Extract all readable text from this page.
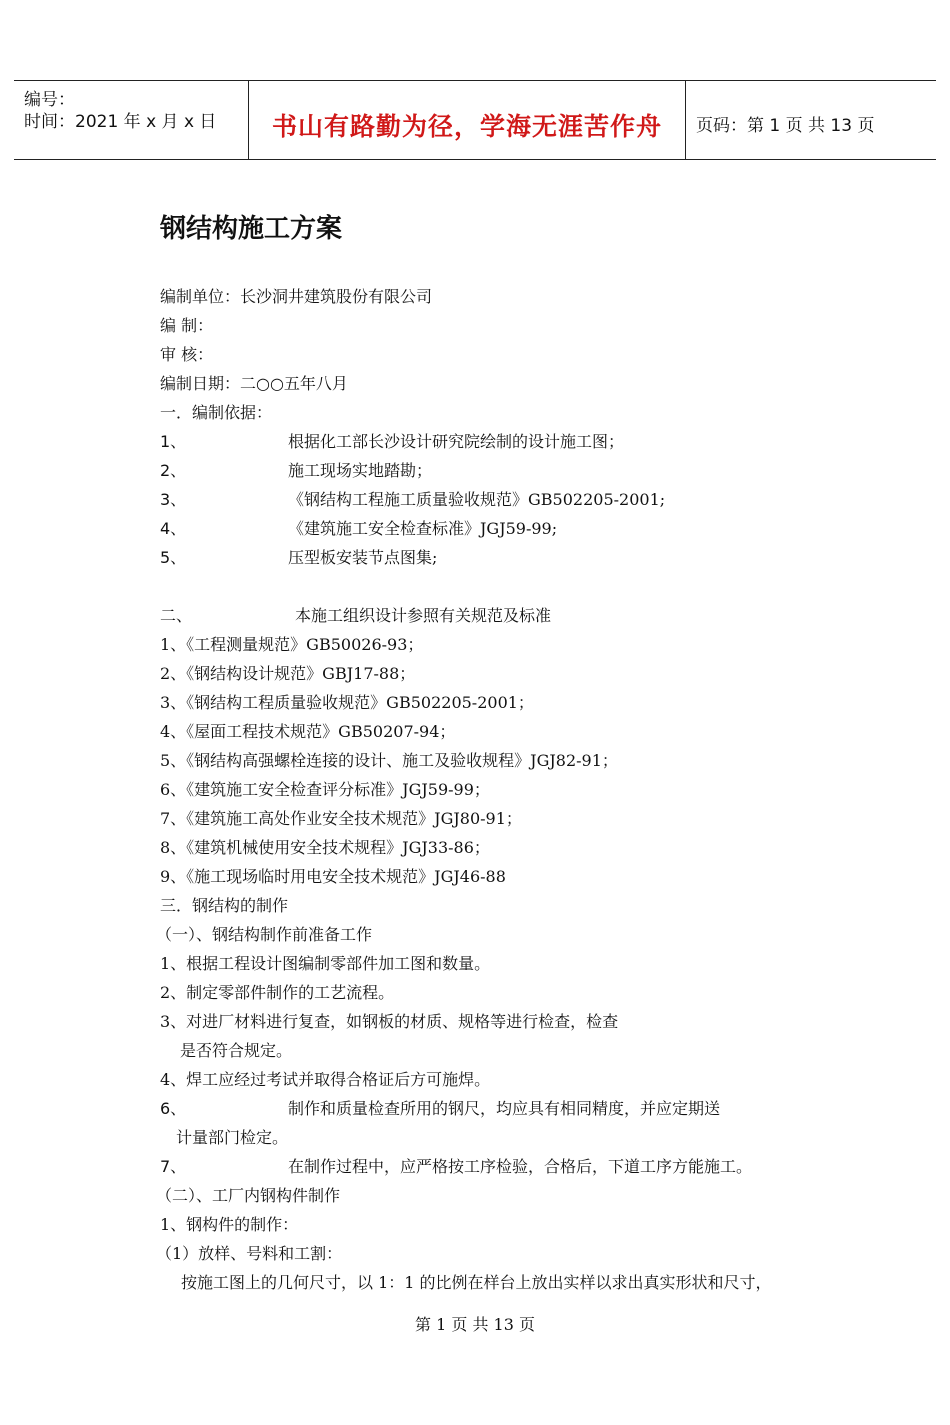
编号：
时间：2021 年 x 月 x 日	书山有路勤为径，学海无涯苦作舟	页码：第 1 页 共 13 页
钢结构施工方案
编制单位：长沙洞井建筑股份有限公司
编 制：
审 核：
编制日期：二○○五年八月
一．编制依据：
1、	根据化工部长沙设计研究院绘制的设计施工图；
2、	施工现场实地踏勘；
3、	《钢结构工程施工质量验收规范》GB502205-2001;
4、	《建筑施工安全检查标准》JGJ59-99;
5、	压型板安装节点图集;
二、	本施工组织设计参照有关规范及标准
1、《工程测量规范》GB50026-93；
2、《钢结构设计规范》GBJ17-88；
3、《钢结构工程质量验收规范》GB502205-2001；
4、《屋面工程技术规范》GB50207-94；
5、《钢结构高强螺栓连接的设计、施工及验收规程》JGJ82-91；
6、《建筑施工安全检查评分标准》JGJ59-99；
7、《建筑施工高处作业安全技术规范》JGJ80-91；
8、《建筑机械使用安全技术规程》JGJ33-86；
9、《施工现场临时用电安全技术规范》JGJ46-88
三．钢结构的制作
（一）、钢结构制作前准备工作
1、根据工程设计图编制零部件加工图和数量。
2、制定零部件制作的工艺流程。
3、对进厂材料进行复查，如钢板的材质、规格等进行检查，检查
是否符合规定。
4、焊工应经过考试并取得合格证后方可施焊。
6、	制作和质量检查所用的钢尺，均应具有相同精度，并应定期送
计量部门检定。
7、	在制作过程中，应严格按工序检验，合格后，下道工序方能施工。
（二）、工厂内钢构件制作
1、钢构件的制作：
（1）放样、号料和工割：
按施工图上的几何尺寸，以 1：1 的比例在样台上放出实样以求出真实形状和尺寸，
第 1 页 共 13 页
